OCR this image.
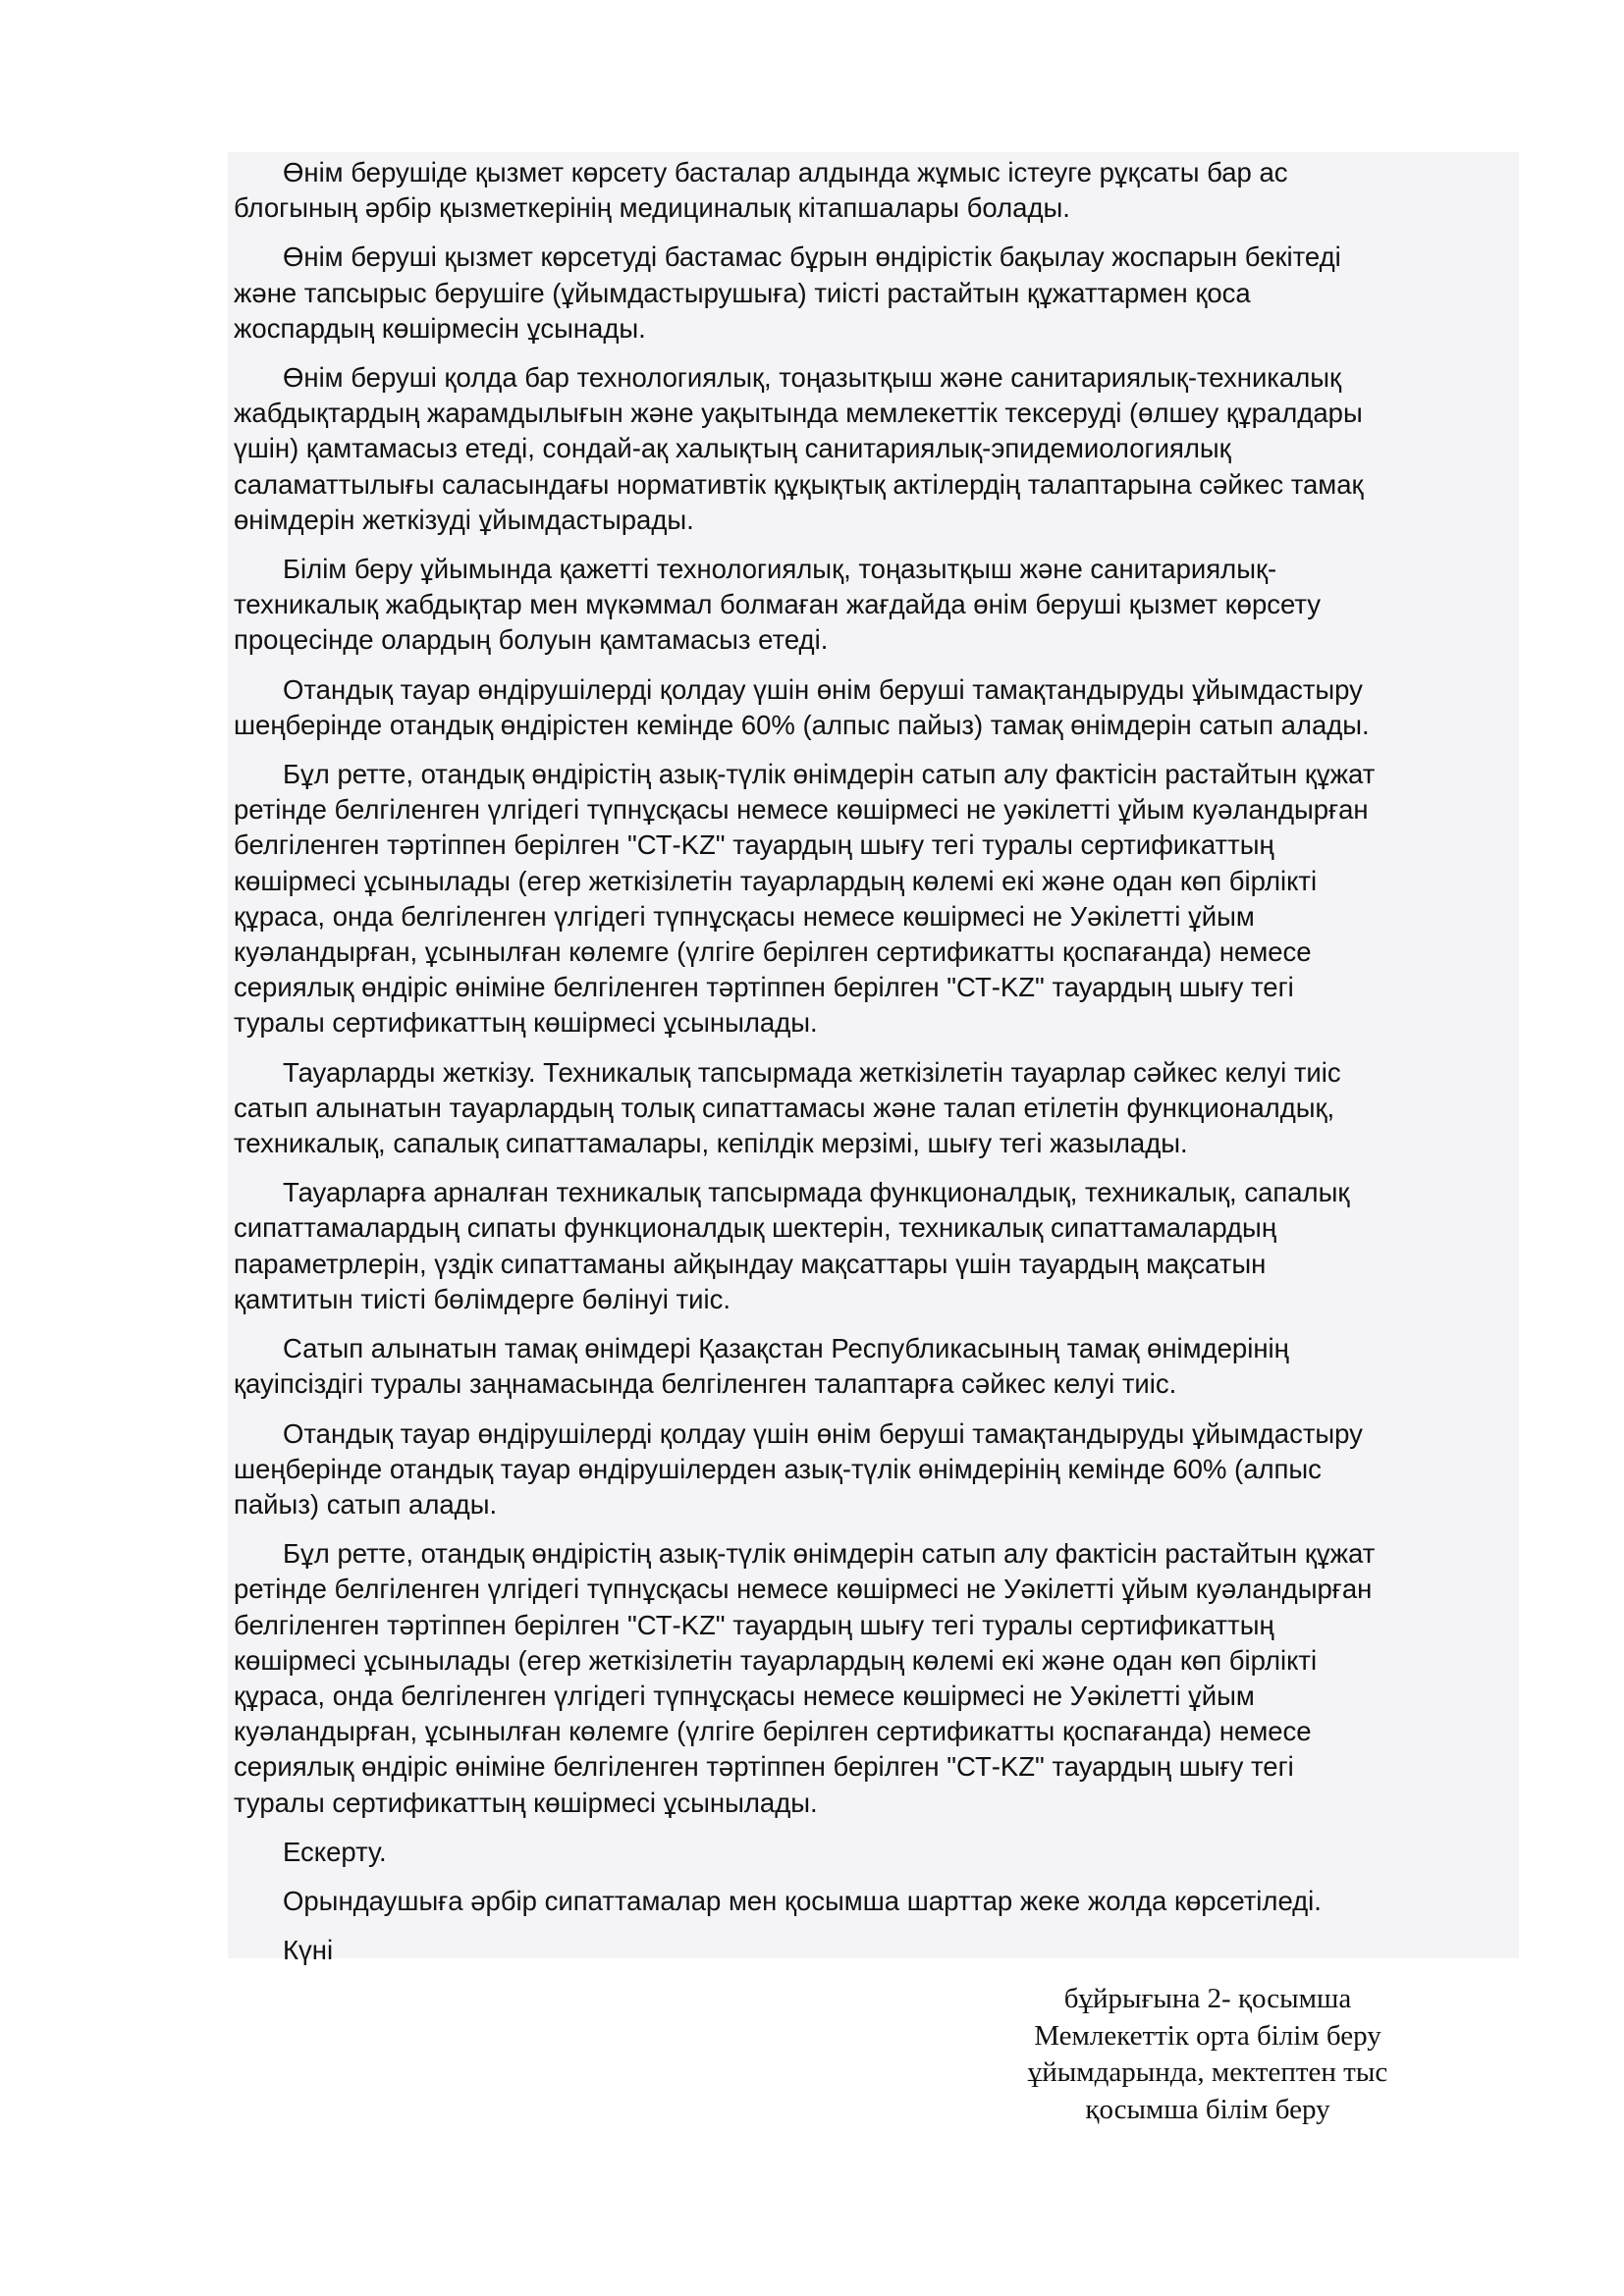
Өнім берушіде қызмет көрсету басталар алдында жұмыс істеуге рұқсаты бар ас
блогының әрбір қызметкерінің медициналық кітапшалары болады.

Өнім беруші қызмет көрсетуді бастамас бұрын өндірістік бақылау жоспарын бекітеді
және тапсырыс берушіге (ұйымдастырушыға) тиісті растайтын құжаттармен қоса
жоспардың көшірмесін ұсынады.

Өнім беруші қолда бар технологиялық, тоңазытқыш және санитариялық-техникалық
жабдықтардың жарамдылығын және уақытында мемлекеттік тексеруді (өлшеу құралдары
үшін) қамтамасыз етеді, сондай-ақ халықтың санитариялық-эпидемиологиялық
саламаттылығы саласындағы нормативтік құқықтық актілердің талаптарына сәйкес тамақ
өнімдерін жеткізуді ұйымдастырады.

Білім беру ұйымында қажетті технологиялық, тоңазытқыш және санитариялық-
техникалық жабдықтар мен мүкәммал болмаған жағдайда өнім беруші қызмет көрсету
процесінде олардың болуын қамтамасыз етеді.

Отандық тауар өндірушілерді қолдау үшін өнім беруші тамақтандыруды ұйымдастыру
шеңберінде отандық өндірістен кемінде 60% (алпыс пайыз) тамақ өнімдерін сатып алады.

Бұл ретте, отандық өндірістің азық-түлік өнімдерін сатып алу фактісін растайтын құжат
ретінде белгіленген үлгідегі түпнұсқасы немесе көшірмесі не уәкілетті ұйым куәландырған
белгіленген тәртіппен берілген "СТ-KZ" тауардың шығу тегі туралы сертификаттың
көшірмесі ұсынылады (егер жеткізілетін тауарлардың көлемі екі және одан көп бірлікті
құраса, онда белгіленген үлгідегі түпнұсқасы немесе көшірмесі не Уәкілетті ұйым
куәландырған, ұсынылған көлемге (үлгіге берілген сертификатты қоспағанда) немесе
сериялық өндіріс өніміне белгіленген тәртіппен берілген "СТ-KZ" тауардың шығу тегі
туралы сертификаттың көшірмесі ұсынылады.

Тауарларды жеткізу. Техникалық тапсырмада жеткізілетін тауарлар сәйкес келуі тиіс
сатып алынатын тауарлардың толық сипаттамасы және талап етілетін функционалдық,
техникалық, сапалық сипаттамалары, кепілдік мерзімі, шығу тегі жазылады.

Тауарларға арналған техникалық тапсырмада функционалдық, техникалық, сапалық
сипаттамалардың сипаты функционалдық шектерін, техникалық сипаттамалардың
параметрлерін, үздік сипаттаманы айқындау мақсаттары үшін тауардың мақсатын
қамтитын тиісті бөлімдерге бөлінуі тиіс.

Сатып алынатын тамақ өнімдері Қазақстан Республикасының тамақ өнімдерінің
қауіпсіздігі туралы заңнамасында белгіленген талаптарға сәйкес келуі тиіс.

Отандық тауар өндірушілерді қолдау үшін өнім беруші тамақтандыруды ұйымдастыру
шеңберінде отандық тауар өндірушілерден азық-түлік өнімдерінің кемінде 60% (алпыс
пайыз) сатып алады.

Бұл ретте, отандық өндірістің азық-түлік өнімдерін сатып алу фактісін растайтын құжат
ретінде белгіленген үлгідегі түпнұсқасы немесе көшірмесі не Уәкілетті ұйым куәландырған
белгіленген тәртіппен берілген "СТ-KZ" тауардың шығу тегі туралы сертификаттың
көшірмесі ұсынылады (егер жеткізілетін тауарлардың көлемі екі және одан көп бірлікті
құраса, онда белгіленген үлгідегі түпнұсқасы немесе көшірмесі не Уәкілетті ұйым
куәландырған, ұсынылған көлемге (үлгіге берілген сертификатты қоспағанда) немесе
сериялық өндіріс өніміне белгіленген тәртіппен берілген "СТ-KZ" тауардың шығу тегі
туралы сертификаттың көшірмесі ұсынылады.

Ескерту.

Орындаушыға әрбір сипаттамалар мен қосымша шарттар жеке жолда көрсетіледі.

Күні

бұйрығына 2- қосымша
Мемлекеттік орта білім беру
ұйымдарында, мектептен тыс
қосымша білім беру
